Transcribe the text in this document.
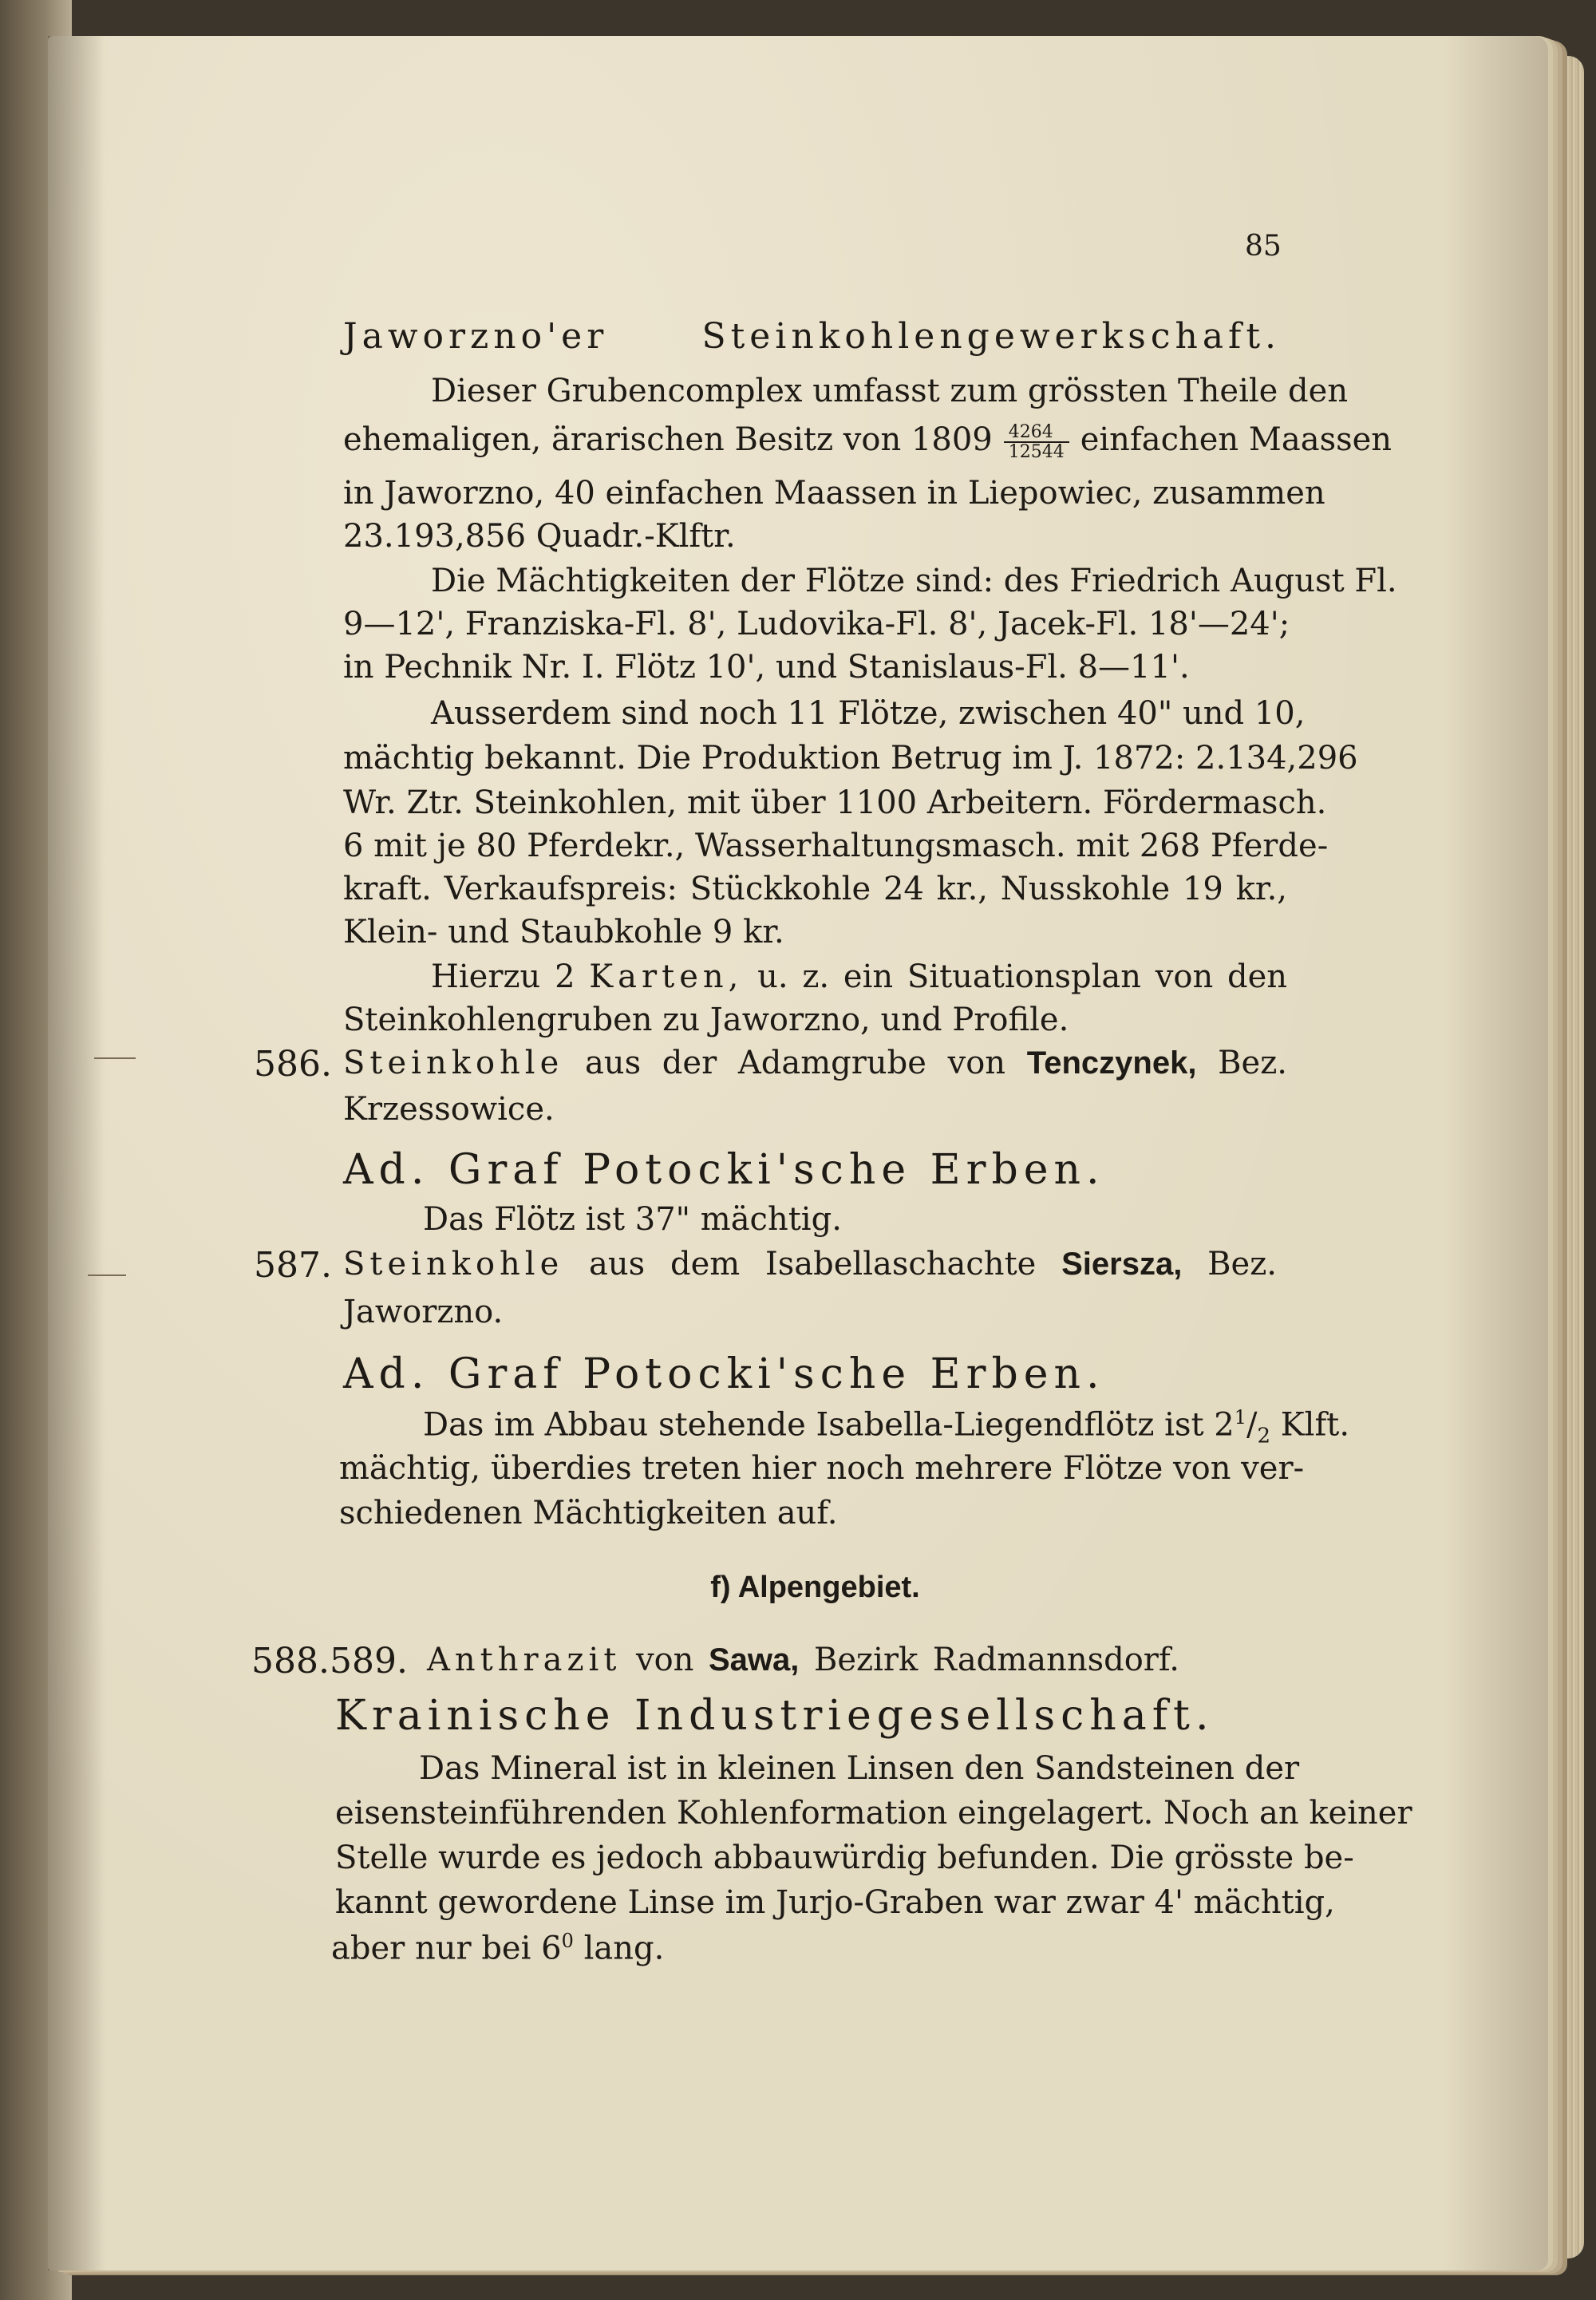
85
Jaworzno'er Steinkohlengewerkschaft.
Dieser Grubencomplex umfasst zum grössten Theile den
ehemaligen, ärarischen Besitz von $1809 \frac{4264}{12544}$ einfachen Maassen
in Jaworzno, 40 einfachen Maassen in Liepowiec, zusammen
23.193,856 Quadr.-Klftr.
Die Mächtigkeiten der Flötze sind: des Friedrich August Fl.
9—12', Franziska-Fl. 8', Ludovika-Fl. 8', Jacek-Fl. 18'—24';
in Pechnik Nr. I. Flötz 10', und Stanislaus-Fl. 8—11'.
Ausserdem sind noch 11 Flötze, zwischen 40" und 10,
mächtig bekannt. Die Produktion Betrug im J. 1872: 2.134,296
Wr. Ztr. Steinkohlen, mit über 1100 Arbeitern. Fördermasch.
6 mit je 80 Pferdekr., Wasserhaltungsmasch. mit 268 Pferde-
kraft. Verkaufspreis: Stückkohle 24 kr., Nusskohle 19 kr.,
Klein- und Staubkohle 9 kr.
Hierzu 2 Karten, u. z. ein Situationsplan von den
Steinkohlengruben zu Jaworzno, und Profile.
586. Steinkohle aus der Adamgrube von Tenczynek, Bez.
Krzessowice.
Ad. Graf Potocki'sche Erben.
Das Flötz ist 37" mächtig.
587. Steinkohle aus dem Isabellaschachte Siersza, Bez.
Jaworzno.
Ad. Graf Potocki'sche Erben.
Das im Abbau stehende Isabella-Liegendflötz ist $2^1/_2$ Klft.
mächtig, überdies treten hier noch mehrere Flötze von ver-
schiedenen Mächtigkeiten auf.
f) Alpengebiet.
588.589. Anthrazit von Sawa, Bezirk Radmannsdorf.
Krainische Industriegesellschaft.
Das Mineral ist in kleinen Linsen den Sandsteinen der
eisensteinführenden Kohlenformation eingelagert. Noch an keiner
Stelle wurde es jedoch abbauwürdig befunden. Die grösste be-
kannt gewordene Linse im Jurjo-Graben war zwar 4' mächtig,
aber nur bei $6^0$ lang.
